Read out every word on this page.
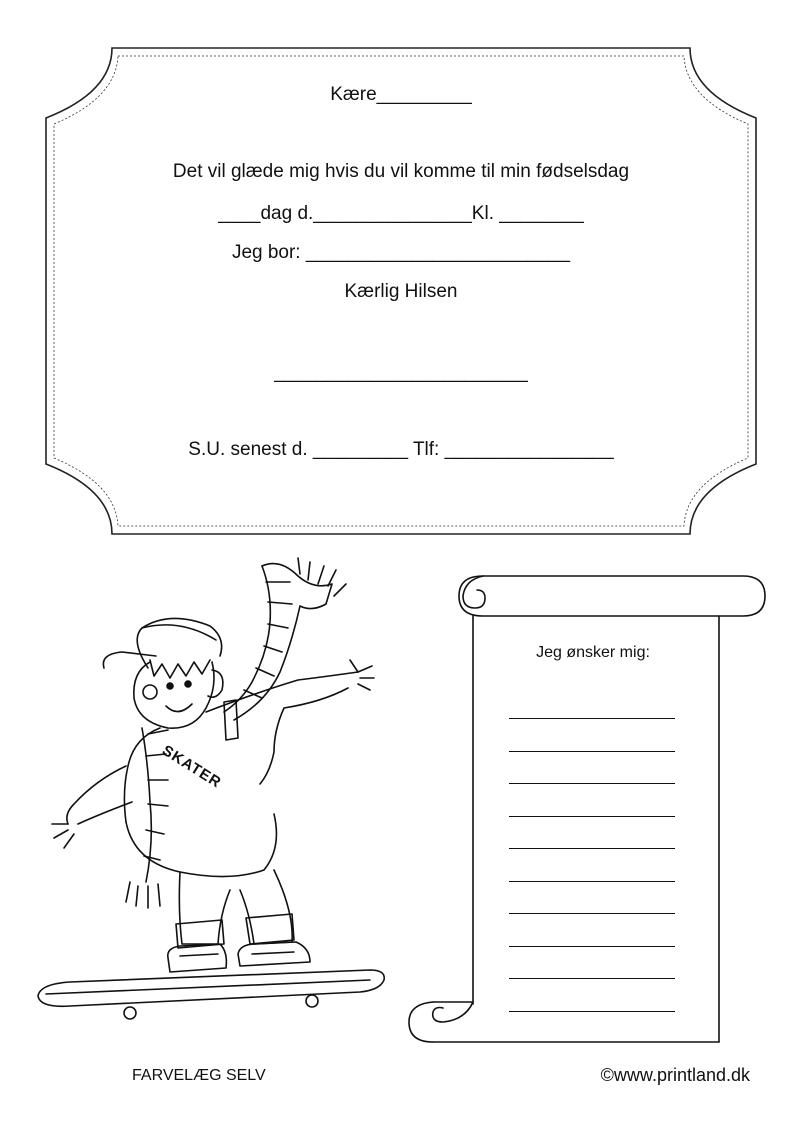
Kære_________
Det vil glæde mig hvis du vil komme til min fødselsdag
____dag d._______________Kl. ________
Jeg bor: _________________________
Kærlig Hilsen
________________________
S.U. senest d. _________ Tlf: ________________
SKATER
Jeg ønsker mig:
FARVELÆG SELV	©www.printland.dk
